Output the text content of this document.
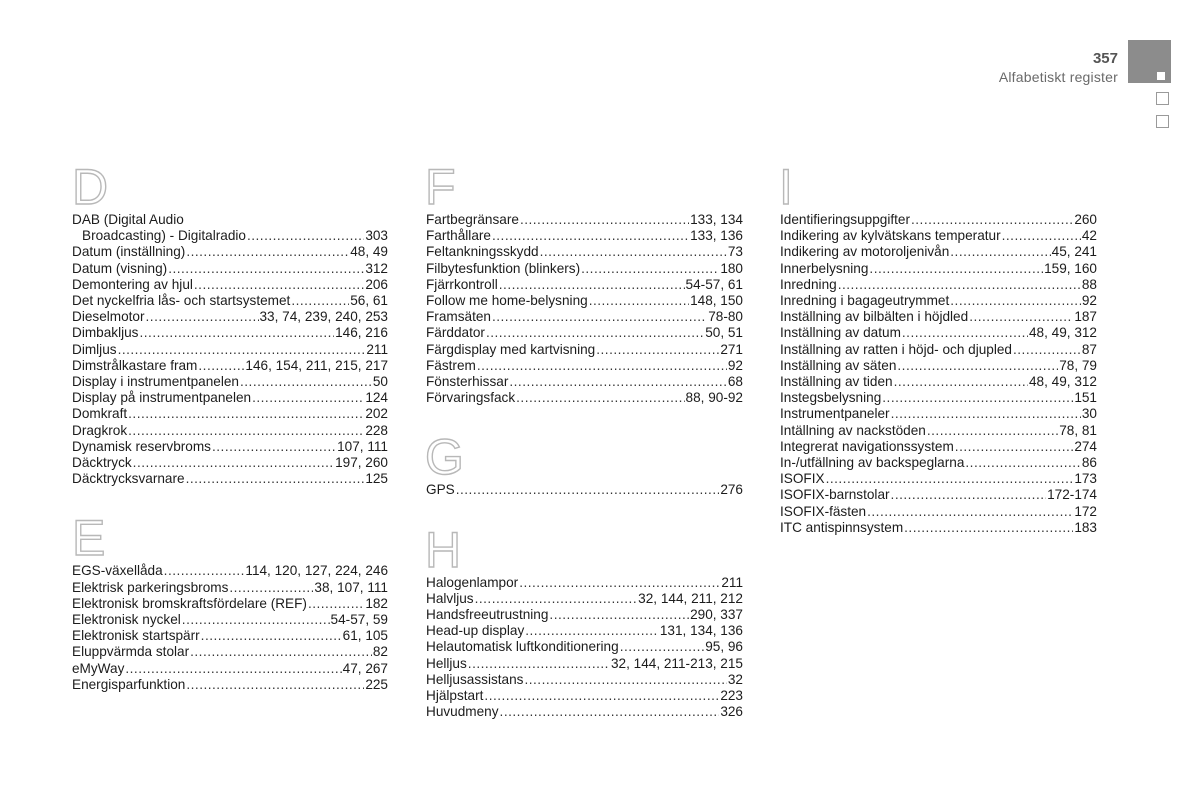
357
Alfabetiskt register
D
DAB (Digital Audio
Broadcasting) - Digitalradio .....	303
Datum (inställning) .....	48, 49
Datum (visning) .....	312
Demontering av hjul .....	206
Det nyckelfria lås- och startsystemet .....	56, 61
Dieselmotor .....	33, 74, 239, 240, 253
Dimbakljus .....	146, 216
Dimljus .....	211
Dimstrålkastare fram .....	146, 154, 211, 215, 217
Display i instrumentpanelen .....	50
Display på instrumentpanelen .....	124
Domkraft .....	202
Dragkrok .....	228
Dynamisk reservbroms .....	107, 111
Däcktryck .....	197, 260
Däcktrycksvarnare .....	125
E
EGS-växellåda .....	114, 120, 127, 224, 246
Elektrisk parkeringsbroms .....	38, 107, 111
Elektronisk bromskraftsfördelare (REF) .....	182
Elektronisk nyckel .....	54-57, 59
Elektronisk startspärr .....	61, 105
Eluppvärmda stolar .....	82
eMyWay .....	47, 267
Energisparfunktion .....	225
F
Fartbegränsare .....	133, 134
Farthållare .....	133, 136
Feltankningsskydd .....	73
Filbytesfunktion (blinkers) .....	180
Fjärrkontroll .....	54-57, 61
Follow me home-belysning .....	148, 150
Framsäten .....	78-80
Färddator .....	50, 51
Färgdisplay med kartvisning .....	271
Fästrem .....	92
Fönsterhissar .....	68
Förvaringsfack .....	88, 90-92
G
GPS .....	276
H
Halogenlampor .....	211
Halvljus .....	32, 144, 211, 212
Handsfreeutrustning .....	290, 337
Head-up display .....	131, 134, 136
Helautomatisk luftkonditionering .....	95, 96
Helljus .....	32, 144, 211-213, 215
Helljusassistans .....	32
Hjälpstart .....	223
Huvudmeny .....	326
I
Identifieringsuppgifter .....	260
Indikering av kylvätskans temperatur .....	42
Indikering av motoroljenivån .....	45, 241
Innerbelysning .....	159, 160
Inredning .....	88
Inredning i bagageutrymmet .....	92
Inställning av bilbälten i höjdled .....	187
Inställning av datum .....	48, 49, 312
Inställning av ratten i höjd- och djupled .....	87
Inställning av säten .....	78, 79
Inställning av tiden .....	48, 49, 312
Instegsbelysning .....	151
Instrumentpaneler .....	30
Intällning av nackstöden .....	78, 81
Integrerat navigationssystem .....	274
In-/utfällning av backspeglarna .....	86
ISOFIX .....	173
ISOFIX-barnstolar .....	172-174
ISOFIX-fästen .....	172
ITC antispinnsystem .....	183
